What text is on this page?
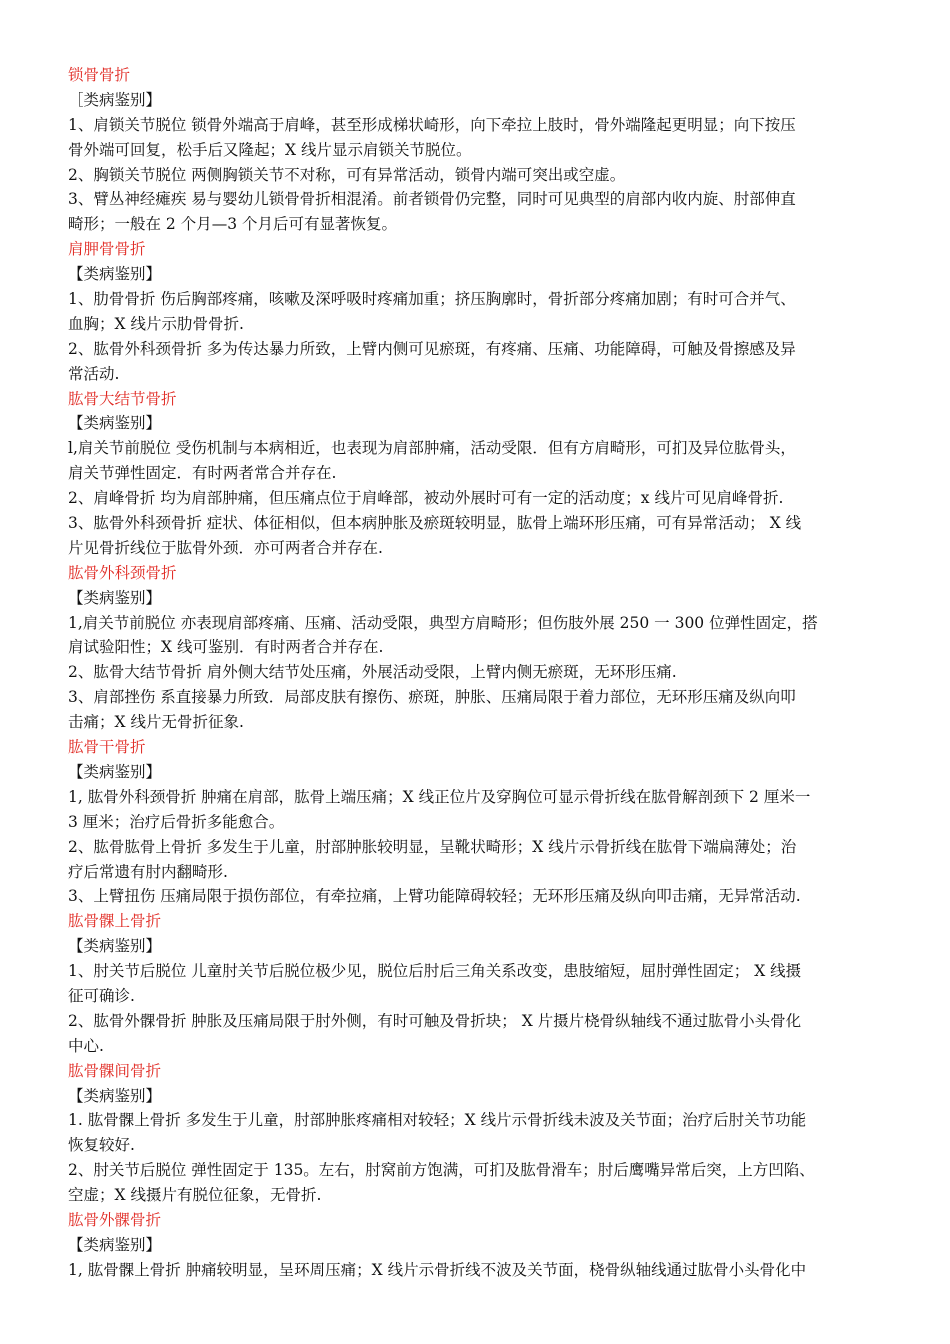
锁骨骨折
［类病鉴别】
1、肩锁关节脱位 锁骨外端高于肩峰，甚至形成梯状崎形，向下牵拉上肢时，骨外端隆起更明显；向下按压
骨外端可回复，松手后又隆起；X 线片显示肩锁关节脱位。
2、胸锁关节脱位 两侧胸锁关节不对称，可有异常活动，锁骨内端可突出或空虚。
3、臂丛神经瘫疾 易与婴幼儿锁骨骨折相混淆。前者锁骨仍完整，同时可见典型的肩部内收内旋、肘部伸直
畸形；一般在 2 个月—3 个月后可有显著恢复。
肩胛骨骨折
【类病鉴别】
1、肋骨骨折 伤后胸部疼痛，咳嗽及深呼吸时疼痛加重；挤压胸廓时，骨折部分疼痛加剧；有时可合并气、
血胸；X 线片示肋骨骨折.
2、肱骨外科颈骨折 多为传达暴力所致，上臂内侧可见瘀斑，有疼痛、压痛、功能障碍，可触及骨擦感及异
常活动.
肱骨大结节骨折
【类病鉴别】
l,肩关节前脱位 受伤机制与本病相近，也表现为肩部肿痛，活动受限．但有方肩畸形，可扪及异位肱骨头，
肩关节弹性固定．有时两者常合并存在.
2、肩峰骨折 均为肩部肿痛，但压痛点位于肩峰部，被动外展时可有一定的活动度；x 线片可见肩峰骨折.
3、肱骨外科颈骨折 症状、体征相似，但本病肿胀及瘀斑较明显，肱骨上端环形压痛，可有异常活动； X 线
片见骨折线位于肱骨外颈．亦可两者合并存在.
肱骨外科颈骨折
【类病鉴别】
1,肩关节前脱位 亦表现肩部疼痛、压痛、活动受限，典型方肩畸形；但伤肢外展 250 一 300 位弹性固定，搭
肩试验阳性；X 线可鉴别．有时两者合并存在.
2、肱骨大结节骨折 肩外侧大结节处压痛，外展活动受限，上臂内侧无瘀斑，无环形压痛.
3、肩部挫伤 系直接暴力所致．局部皮肤有擦伤、瘀斑，肿胀、压痛局限于着力部位，无环形压痛及纵向叩
击痛；X 线片无骨折征象.
肱骨干骨折
【类病鉴别】
1, 肱骨外科颈骨折 肿痛在肩部，肱骨上端压痛；X 线正位片及穿胸位可显示骨折线在肱骨解剖颈下 2 厘米一
3 厘米；治疗后骨折多能愈合。
2、肱骨肱骨上骨折 多发生于儿童，肘部肿胀较明显，呈靴状畸形；X 线片示骨折线在肱骨下端扁薄处；治
疗后常遗有肘内翻畸形.
3、上臂扭伤 压痛局限于损伤部位，有牵拉痛，上臂功能障碍较轻；无环形压痛及纵向叩击痛，无异常活动.
肱骨髁上骨折
【类病鉴别】
1、肘关节后脱位 儿童肘关节后脱位极少见，脱位后肘后三角关系改变，患肢缩短，屈肘弹性固定； X 线摄
征可确诊.
2、肱骨外髁骨折 肿胀及压痛局限于肘外侧，有时可触及骨折块； X 片摄片桡骨纵轴线不通过肱骨小头骨化
中心.
肱骨髁间骨折
【类病鉴别】
1. 肱骨髁上骨折 多发生于儿童，肘部肿胀疼痛相对较轻；X 线片示骨折线未波及关节面；治疗后肘关节功能
恢复较好.
2、肘关节后脱位 弹性固定于 135。左右，肘窝前方饱满，可扪及肱骨滑车；肘后鹰嘴异常后突，上方凹陷、
空虚；X 线摄片有脱位征象，无骨折.
肱骨外髁骨折
【类病鉴别】
1, 肱骨髁上骨折 肿痛较明显，呈环周压痛；X 线片示骨折线不波及关节面，桡骨纵轴线通过肱骨小头骨化中
